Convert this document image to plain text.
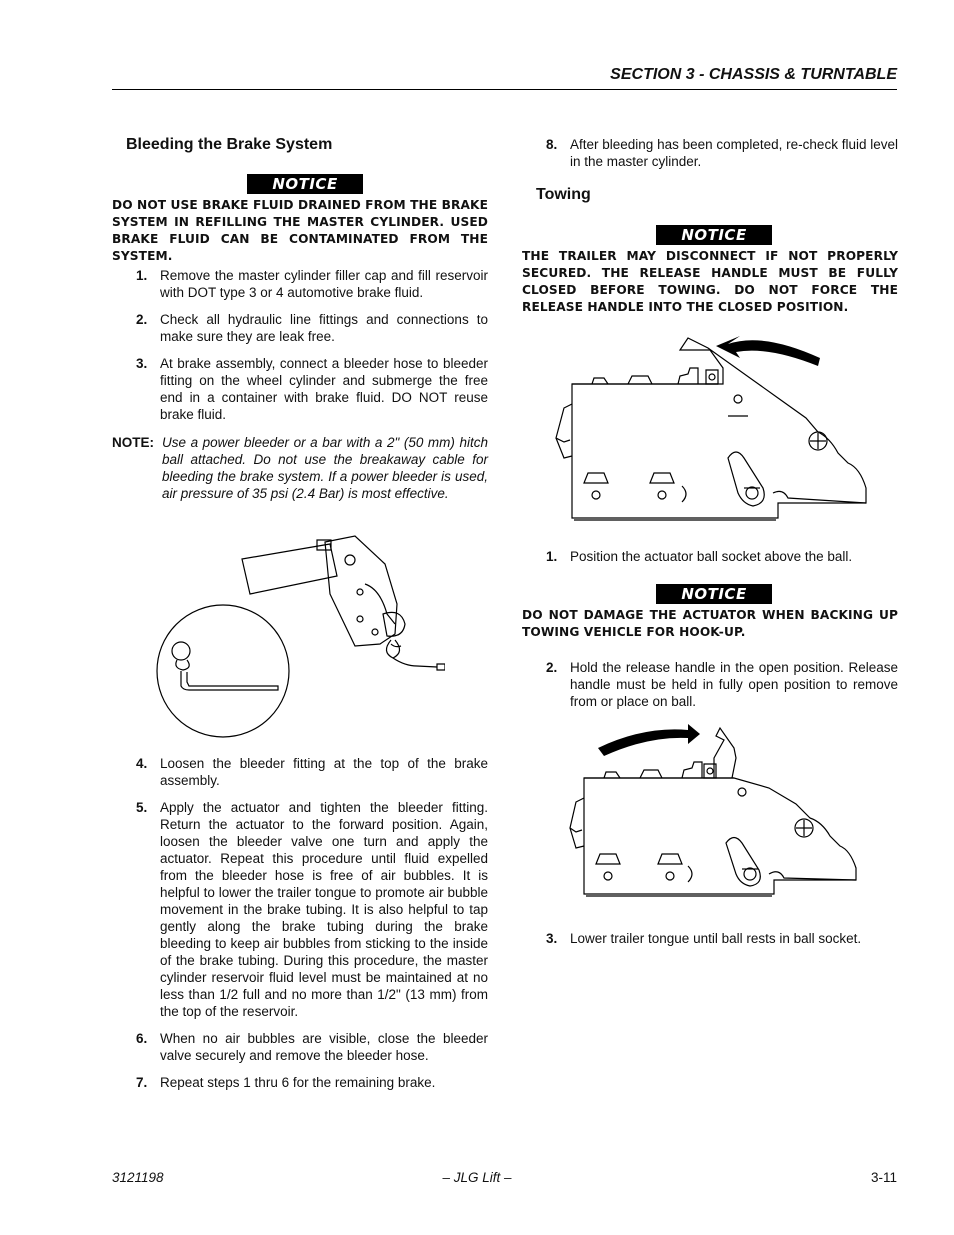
SECTION 3 - CHASSIS & TURNTABLE
Bleeding the Brake System
NOTICE
DO NOT USE BRAKE FLUID DRAINED FROM THE BRAKE SYSTEM IN REFILLING THE MASTER CYLINDER. USED BRAKE FLUID CAN BE CONTAMINATED FROM THE SYSTEM.
1. Remove the master cylinder filler cap and fill reservoir with DOT type 3 or 4 automotive brake fluid.
2. Check all hydraulic line fittings and connections to make sure they are leak free.
3. At brake assembly, connect a bleeder hose to bleeder fitting on the wheel cylinder and submerge the free end in a container with brake fluid. DO NOT reuse brake fluid.
NOTE: Use a power bleeder or a bar with a 2" (50 mm) hitch ball attached. Do not use the breakaway cable for bleeding the brake system. If a power bleeder is used, air pressure of 35 psi (2.4 Bar) is most effective.
4. Loosen the bleeder fitting at the top of the brake assembly.
5. Apply the actuator and tighten the bleeder fitting. Return the actuator to the forward position. Again, loosen the bleeder valve one turn and apply the actuator. Repeat this procedure until fluid expelled from the bleeder hose is free of air bubbles. It is helpful to lower the trailer tongue to promote air bubble movement in the brake tubing. It is also helpful to tap gently along the brake tubing during the brake bleeding to keep air bubbles from sticking to the inside of the brake tubing. During this procedure, the master cylinder reservoir fluid level must be maintained at no less than 1/2 full and no more than 1/2" (13 mm) from the top of the reservoir.
6. When no air bubbles are visible, close the bleeder valve securely and remove the bleeder hose.
7. Repeat steps 1 thru 6 for the remaining brake.
8. After bleeding has been completed, re-check fluid level in the master cylinder.
Towing
NOTICE
THE TRAILER MAY DISCONNECT IF NOT PROPERLY SECURED. THE RELEASE HANDLE MUST BE FULLY CLOSED BEFORE TOWING. DO NOT FORCE THE RELEASE HANDLE INTO THE CLOSED POSITION.
1. Position the actuator ball socket above the ball.
NOTICE
DO NOT DAMAGE THE ACTUATOR WHEN BACKING UP TOWING VEHICLE FOR HOOK-UP.
2. Hold the release handle in the open position. Release handle must be held in fully open position to remove from or place on ball.
3. Lower trailer tongue until ball rests in ball socket.
3121198	– JLG Lift –	3-11
